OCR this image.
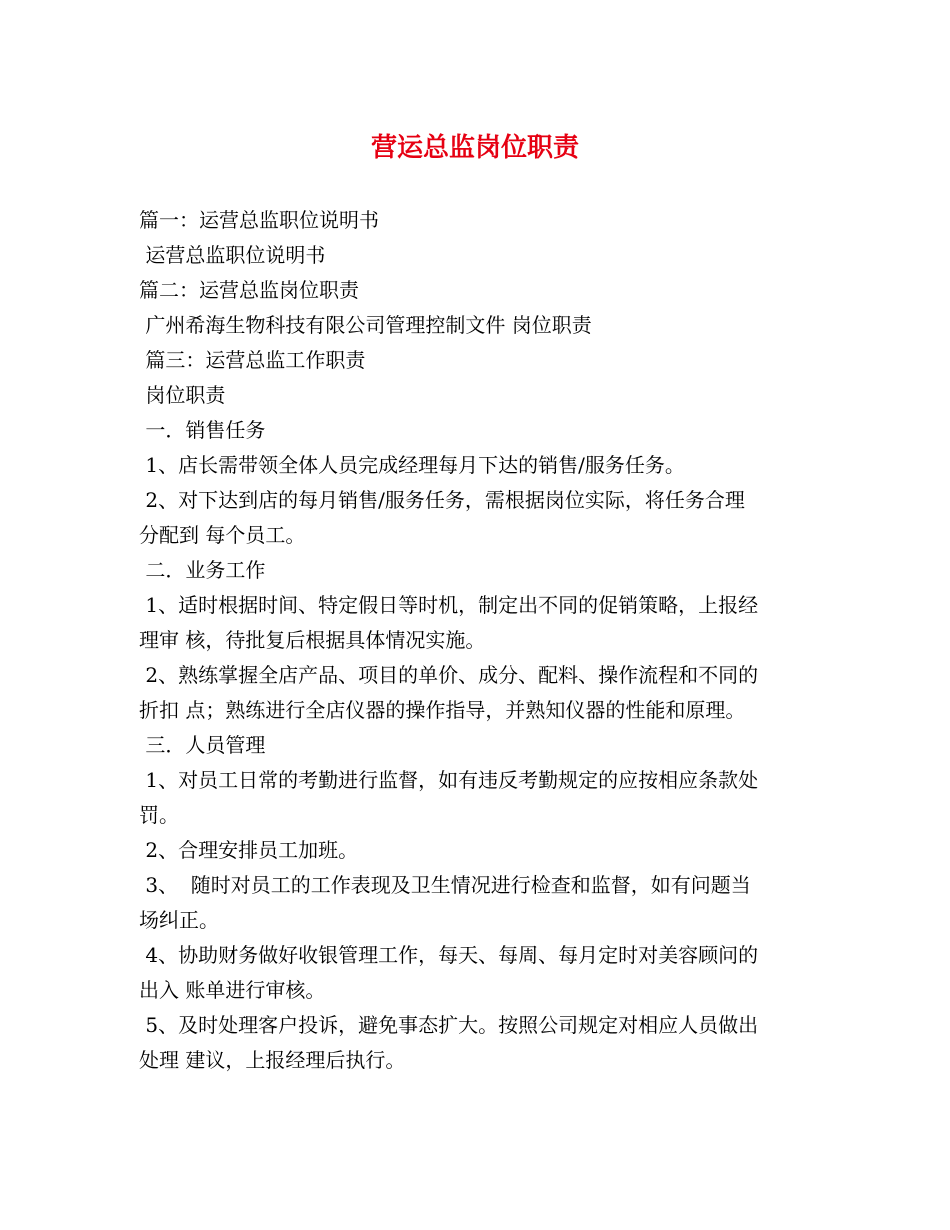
营运总监岗位职责
篇一：运营总监职位说明书
运营总监职位说明书
篇二：运营总监岗位职责
广州希海生物科技有限公司管理控制文件 岗位职责
篇三：运营总监工作职责
岗位职责
一．销售任务
1、店长需带领全体人员完成经理每月下达的销售/服务任务。
2、对下达到店的每月销售/服务任务，需根据岗位实际，将任务合理
分配到 每个员工。
二．业务工作
1、适时根据时间、特定假日等时机，制定出不同的促销策略，上报经
理审 核，待批复后根据具体情况实施。
2、熟练掌握全店产品、项目的单价、成分、配料、操作流程和不同的
折扣 点；熟练进行全店仪器的操作指导，并熟知仪器的性能和原理。
三．人员管理
1、对员工日常的考勤进行监督，如有违反考勤规定的应按相应条款处
罚。
2、合理安排员工加班。
3、  随时对员工的工作表现及卫生情况进行检查和监督，如有问题当
场纠正。
4、协助财务做好收银管理工作，每天、每周、每月定时对美容顾问的
出入 账单进行审核。
5、及时处理客户投诉，避免事态扩大。按照公司规定对相应人员做出
处理 建议，上报经理后执行。
